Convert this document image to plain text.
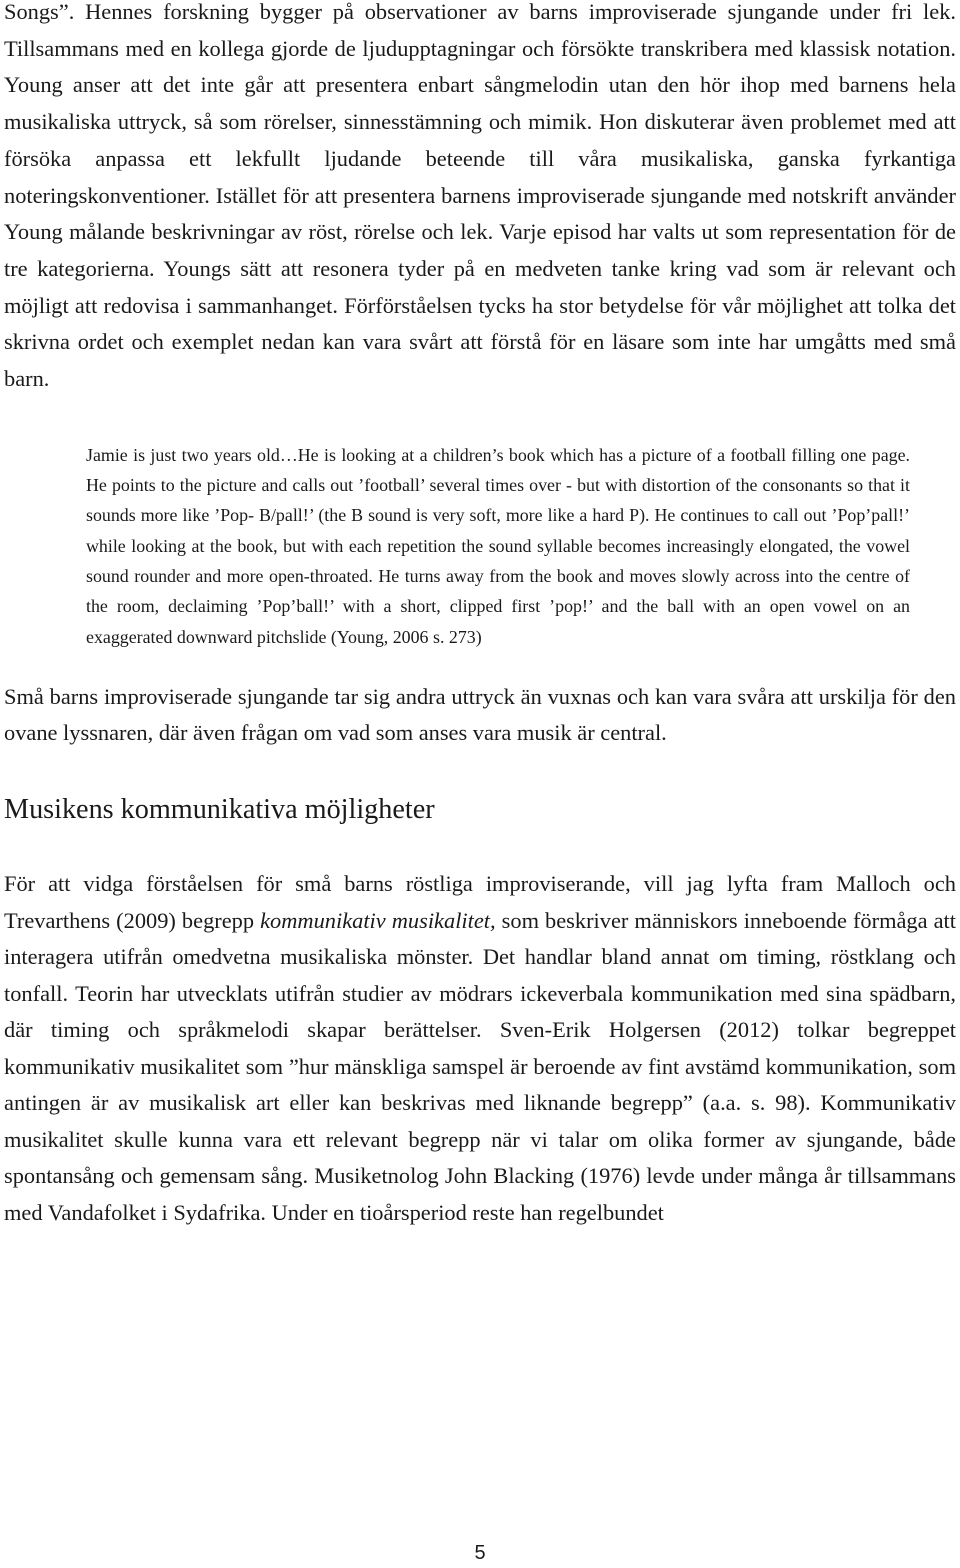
Songs”. Hennes forskning bygger på observationer av barns improviserade sjungande under fri lek. Tillsammans med en kollega gjorde de ljudupptagningar och försökte transkribera med klassisk notation. Young anser att det inte går att presentera enbart sångmelodin utan den hör ihop med barnens hela musikaliska uttryck, så som rörelser, sinnesstämning och mimik. Hon diskuterar även problemet med att försöka anpassa ett lekfullt ljudande beteende till våra musikaliska, ganska fyrkantiga noteringskonventioner. Istället för att presentera barnens improviserade sjungande med notskrift använder Young målande beskrivningar av röst, rörelse och lek. Varje episod har valts ut som representation för de tre kategorierna. Youngs sätt att resonera tyder på en medveten tanke kring vad som är relevant och möjligt att redovisa i sammanhanget. Förförståelsen tycks ha stor betydelse för vår möjlighet att tolka det skrivna ordet och exemplet nedan kan vara svårt att förstå för en läsare som inte har umgåtts med små barn.

Jamie is just two years old…He is looking at a children’s book which has a picture of a football filling one page. He points to the picture and calls out ’football’ several times over - but with distortion of the consonants so that it sounds more like ’Pop- B/pall!’ (the B sound is very soft, more like a hard P). He continues to call out ’Pop’pall!’ while looking at the book, but with each repetition the sound syllable becomes increasingly elongated, the vowel sound rounder and more open-throated. He turns away from the book and moves slowly across into the centre of the room, declaiming ’Pop’ball!’ with a short, clipped first ’pop!’ and the ball with an open vowel on an exaggerated downward pitchslide (Young, 2006 s. 273)

Små barns improviserade sjungande tar sig andra uttryck än vuxnas och kan vara svåra att urskilja för den ovane lyssnaren, där även frågan om vad som anses vara musik är central.

Musikens kommunikativa möjligheter

För att vidga förståelsen för små barns röstliga improviserande, vill jag lyfta fram Malloch och Trevarthens (2009) begrepp kommunikativ musikalitet, som beskriver människors inneboende förmåga att interagera utifrån omedvetna musikaliska mönster. Det handlar bland annat om timing, röstklang och tonfall. Teorin har utvecklats utifrån studier av mödrars ickeverbala kommunikation med sina spädbarn, där timing och språkmelodi skapar berättelser. Sven-Erik Holgersen (2012) tolkar begreppet kommunikativ musikalitet som ”hur mänskliga samspel är beroende av fint avstämd kommunikation, som antingen är av musikalisk art eller kan beskrivas med liknande begrepp” (a.a. s. 98). Kommunikativ musikalitet skulle kunna vara ett relevant begrepp när vi talar om olika former av sjungande, både spontansång och gemensam sång. Musiketnolog John Blacking (1976) levde under många år tillsammans med Vandafolket i Sydafrika. Under en tioårsperiod reste han regelbundet

5
